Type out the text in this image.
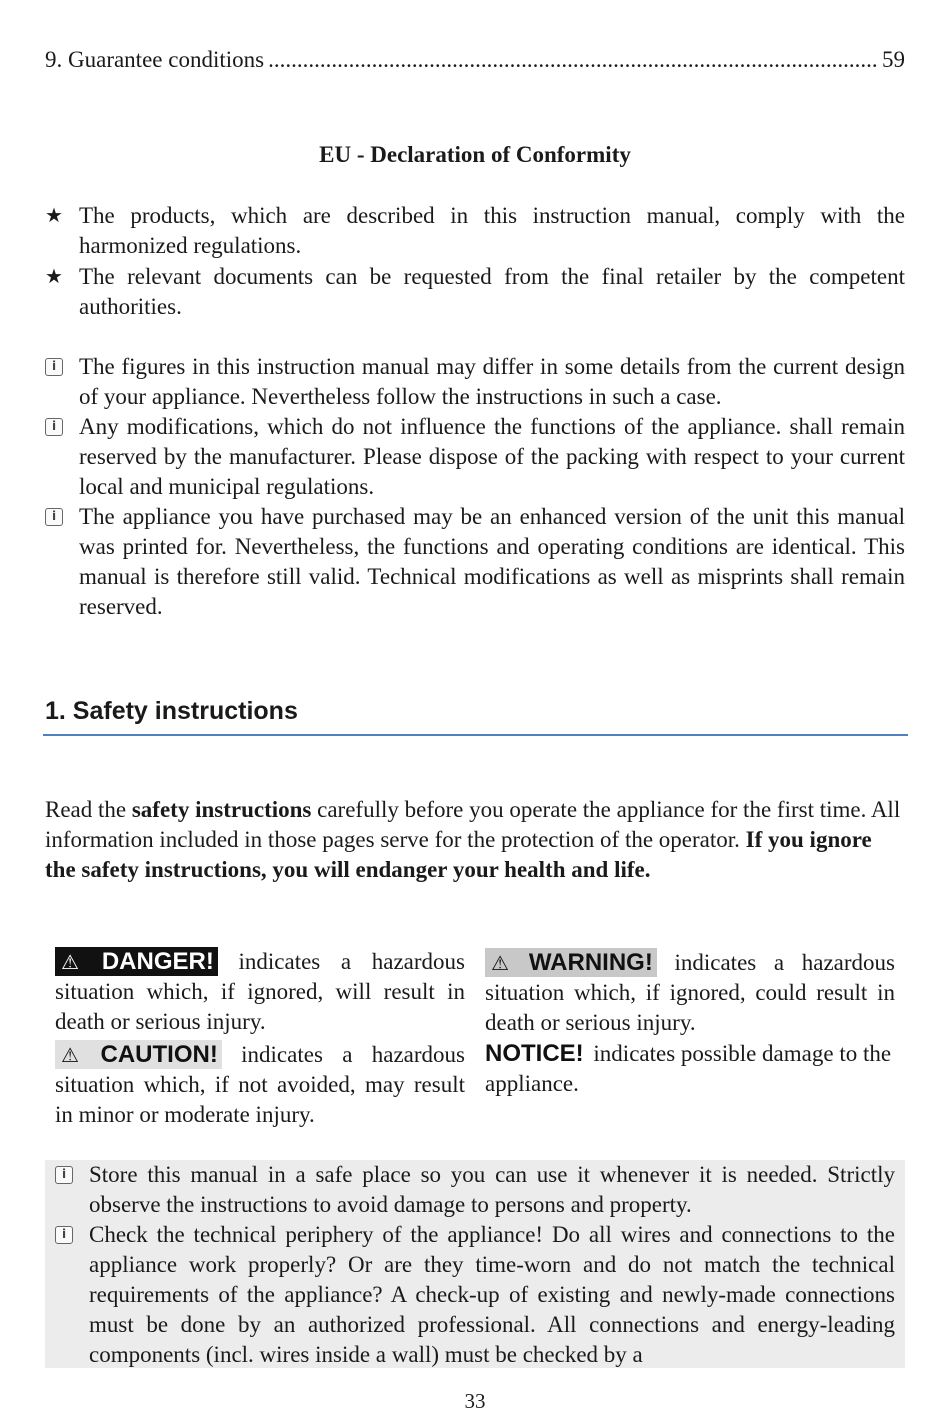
9. Guarantee conditions
.....	59
EU - Declaration of Conformity
★ The products, which are described in this instruction manual, comply with the harmonized regulations.
★ The relevant documents can be requested from the final retailer by the competent authorities.
i The figures in this instruction manual may differ in some details from the current design of your appliance. Nevertheless follow the instructions in such a case.
i Any modifications, which do not influence the functions of the appliance. shall remain reserved by the manufacturer. Please dispose of the packing with respect to your current local and municipal regulations.
i The appliance you have purchased may be an enhanced version of the unit this manual was printed for. Nevertheless, the functions and operating conditions are identical. This manual is therefore still valid. Technical modifications as well as misprints shall remain reserved.
1. Safety instructions
Read the safety instructions carefully before you operate the appliance for the first time. All information included in those pages serve for the protection of the operator. If you ignore the safety instructions, you will endanger your health and life.
⚠ DANGER! indicates a hazardous situation which, if ignored, will result in death or serious injury.
⚠ CAUTION! indicates a hazardous situation which, if not avoided, may result in minor or moderate injury.
⚠ WARNING! indicates a hazardous situation which, if ignored, could result in death or serious injury.
NOTICE! indicates possible damage to the appliance.
i Store this manual in a safe place so you can use it whenever it is needed. Strictly observe the instructions to avoid damage to persons and property.
i Check the technical periphery of the appliance! Do all wires and connections to the appliance work properly? Or are they time-worn and do not match the technical requirements of the appliance? A check-up of existing and newly-made connections must be done by an authorized professional. All connections and energy-leading components (incl. wires inside a wall) must be checked by a
33
